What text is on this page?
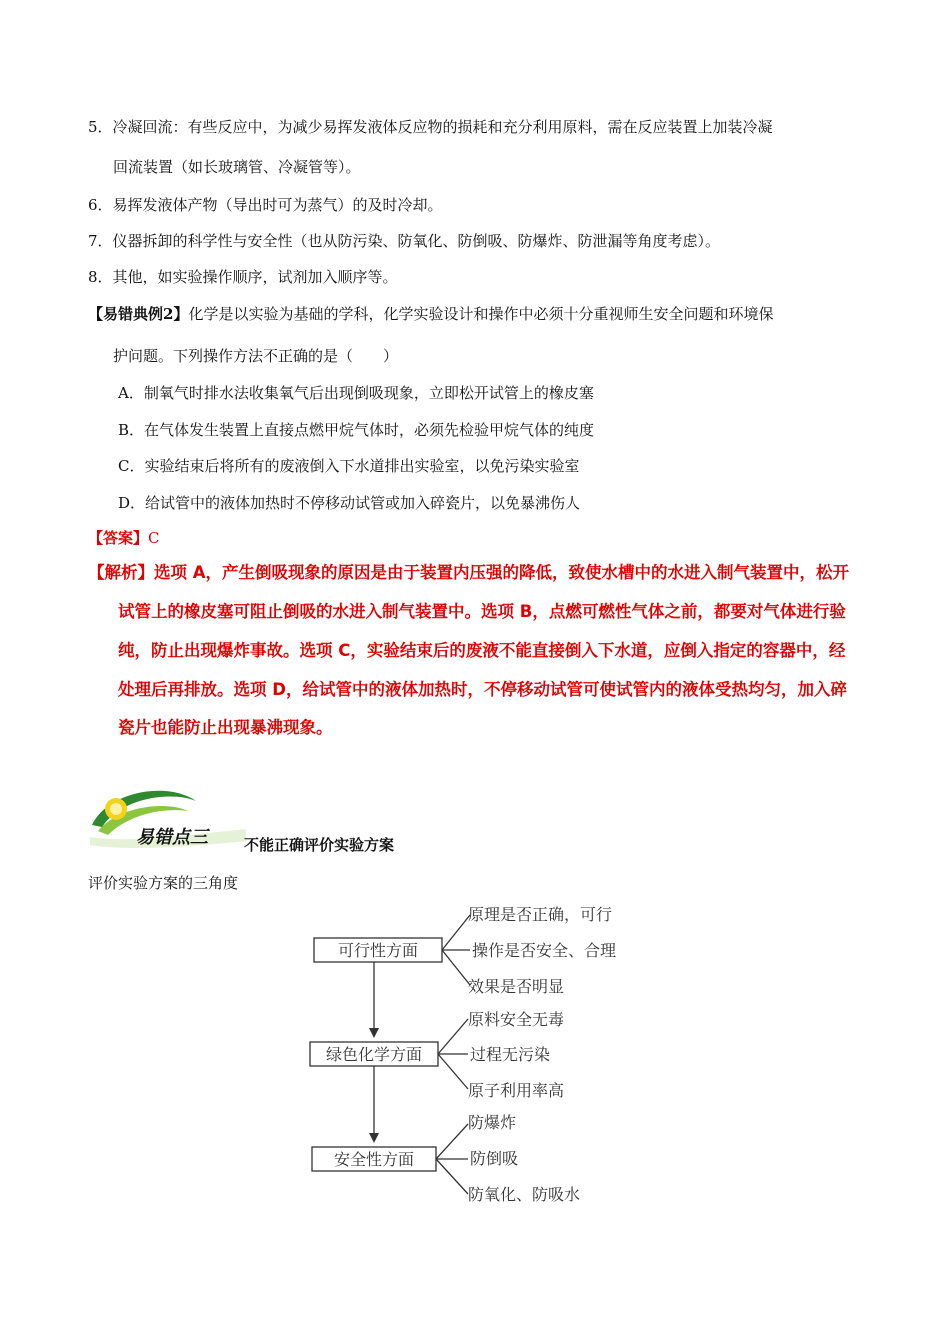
5．冷凝回流：有些反应中，为减少易挥发液体反应物的损耗和充分利用原料，需在反应装置上加装冷凝
回流装置（如长玻璃管、冷凝管等）。
6．易挥发液体产物（导出时可为蒸气）的及时冷却。
7．仪器拆卸的科学性与安全性（也从防污染、防氧化、防倒吸、防爆炸、防泄漏等角度考虑）。
8．其他，如实验操作顺序，试剂加入顺序等。
【易错典例2】化学是以实验为基础的学科，化学实验设计和操作中必须十分重视师生安全问题和环境保
护问题。下列操作方法不正确的是（　　）
A．制氧气时排水法收集氧气后出现倒吸现象，立即松开试管上的橡皮塞
B．在气体发生装置上直接点燃甲烷气体时，必须先检验甲烷气体的纯度
C．实验结束后将所有的废液倒入下水道排出实验室，以免污染实验室
D．给试管中的液体加热时不停移动试管或加入碎瓷片，以免暴沸伤人
【答案】C
【解析】选项 A，产生倒吸现象的原因是由于装置内压强的降低，致使水槽中的水进入制气装置中，松开
试管上的橡皮塞可阻止倒吸的水进入制气装置中。选项 B，点燃可燃性气体之前，都要对气体进行验
纯，防止出现爆炸事故。选项 C，实验结束后的废液不能直接倒入下水道，应倒入指定的容器中，经
处理后再排放。选项 D，给试管中的液体加热时，不停移动试管可使试管内的液体受热均匀，加入碎
瓷片也能防止出现暴沸现象。
易错点三 不能正确评价实验方案
评价实验方案的三角度
可行性方面
绿色化学方面
安全性方面
原理是否正确，可行
操作是否安全、合理
效果是否明显
原料安全无毒
过程无污染
原子利用率高
防爆炸
防倒吸
防氧化、防吸水
